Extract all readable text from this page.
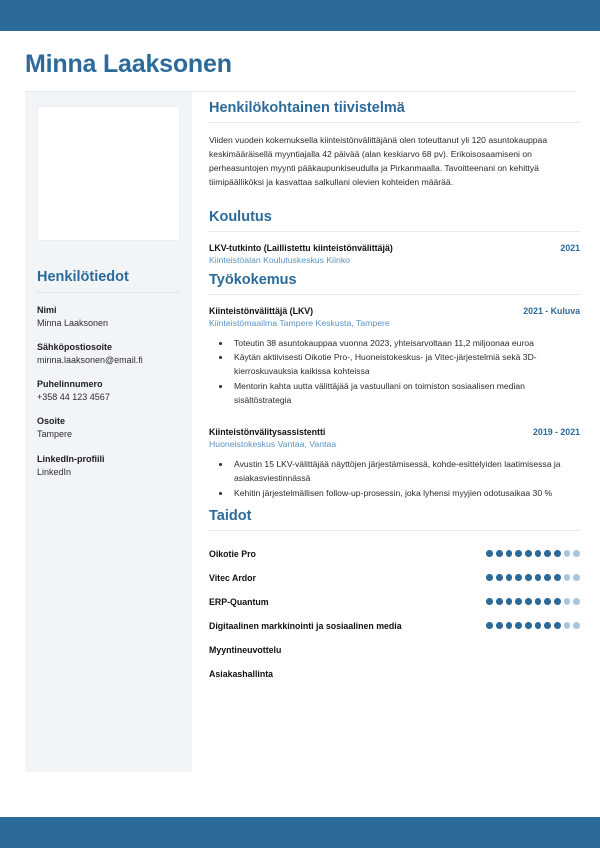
Minna Laaksonen
Henkilötiedot
Nimi
Minna Laaksonen
Sähköpostiosoite
minna.laaksonen@email.fi
Puhelinnumero
+358 44 123 4567
Osoite
Tampere
LinkedIn-profiili
LinkedIn
Henkilökohtainen tiivistelmä

Viiden vuoden kokemuksella kiinteistönvälittäjänä olen toteuttanut yli 120 asuntokauppaa keskimääräisellä myyntiajalla 42 päivää (alan keskiarvo 68 pv). Erikoisosaamiseni on perheasuntojen myynti pääkaupunkiseudulla ja Pirkanmaalla. Tavoitteenani on kehittyä tiimipäälliköksi ja kasvattaa salkullani olevien kohteiden määrää.

Koulutus
LKV-tutkinto (Laillistettu kiinteistönvälittäjä)	2021
Kiinteistöalan Koulutuskeskus Kiinko
Työkokemus
Kiinteistönvälittäjä (LKV)	2021 - Kuluva
Kiinteistömaailma Tampere Keskusta, Tampere
• Toteutin 38 asuntokauppaa vuonna 2023, yhteisarvoltaan 11,2 miljoonaa euroa
• Käytän aktiivisesti Oikotie Pro-, Huoneistokeskus- ja Vitec-järjestelmiä sekä 3D-kierroskuvauksia kaikissa kohteissa
• Mentorin kahta uutta välittäjää ja vastuullani on toimiston sosiaalisen median sisältöstrategia
Kiinteistönvälitysassistentti	2019 - 2021
Huoneistokeskus Vantaa, Vantaa
• Avustin 15 LKV-välittäjää näyttöjen järjestämisessä, kohde-esittelyiden laatimisessa ja asiakasviestinnässä
• Kehitin järjestelmällisen follow-up-prosessin, joka lyhensi myyjien odotusaikaa 30 %
Taidot
Oikotie Pro
Vitec Ardor
ERP-Quantum
Digitaalinen markkinointi ja sosiaalinen media
Myyntineuvottelu
Asiakashallinta
